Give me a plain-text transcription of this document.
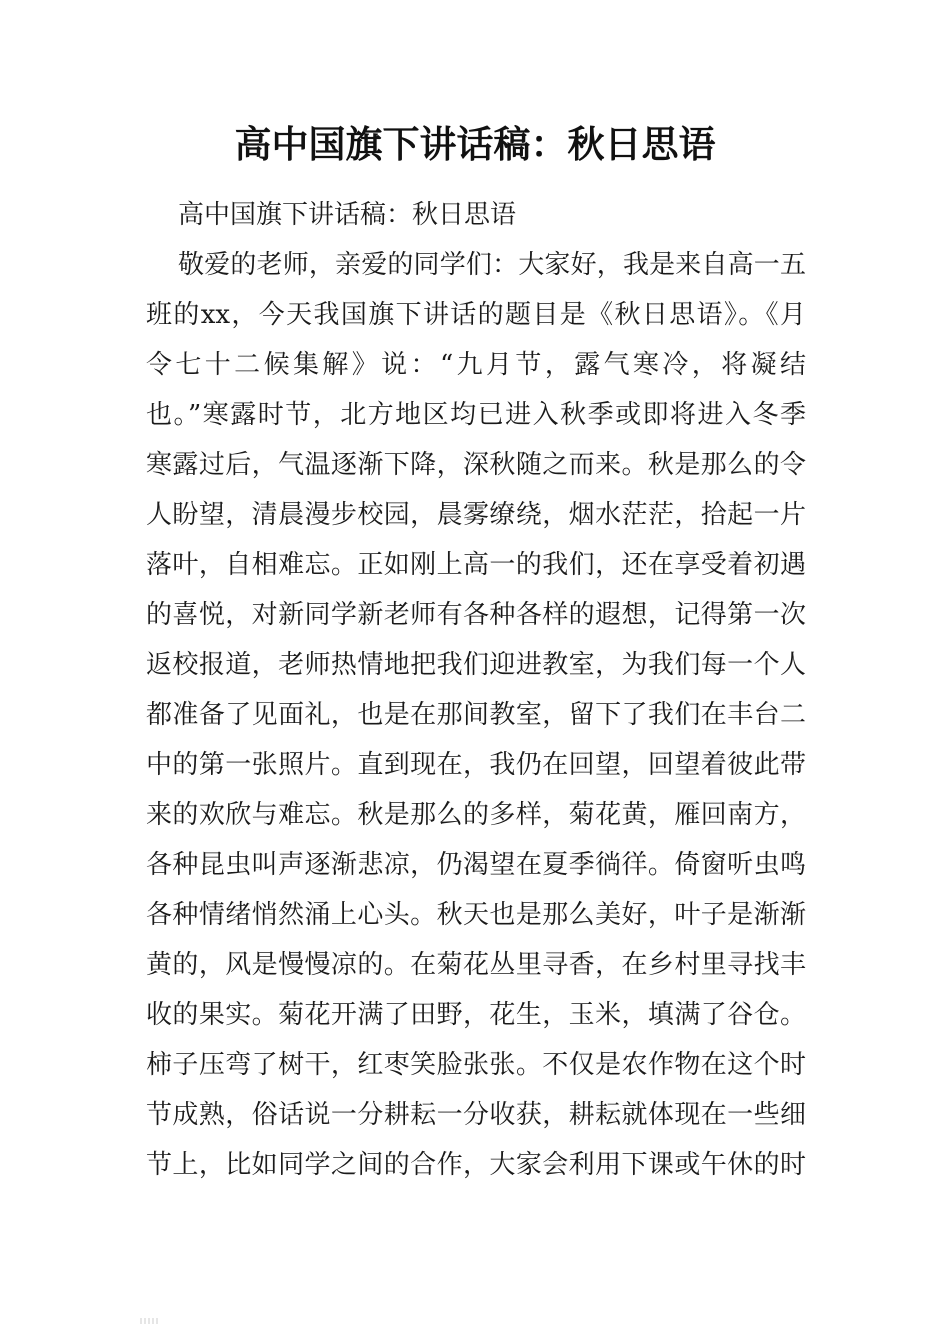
高中国旗下讲话稿：秋日思语
高中国旗下讲话稿：秋日思语
敬爱的老师，亲爱的同学们：大家好，我是来自高一五
班的xx，今天我国旗下讲话的题目是《秋日思语》。《月
令七十二候集解》说：“九月节，露气寒冷，将凝结
也。”寒露时节，北方地区均已进入秋季或即将进入冬季
寒露过后，气温逐渐下降，深秋随之而来。秋是那么的令
人盼望，清晨漫步校园，晨雾缭绕，烟水茫茫，拾起一片
落叶，自相难忘。正如刚上高一的我们，还在享受着初遇
的喜悦，对新同学新老师有各种各样的遐想，记得第一次
返校报道，老师热情地把我们迎进教室，为我们每一个人
都准备了见面礼，也是在那间教室，留下了我们在丰台二
中的第一张照片。直到现在，我仍在回望，回望着彼此带
来的欢欣与难忘。秋是那么的多样，菊花黄，雁回南方，
各种昆虫叫声逐渐悲凉，仍渴望在夏季徜徉。倚窗听虫鸣
各种情绪悄然涌上心头。秋天也是那么美好，叶子是渐渐
黄的，风是慢慢凉的。在菊花丛里寻香，在乡村里寻找丰
收的果实。菊花开满了田野，花生，玉米，填满了谷仓。
柿子压弯了树干，红枣笑脸张张。不仅是农作物在这个时
节成熟，俗话说一分耕耘一分收获，耕耘就体现在一些细
节上，比如同学之间的合作，大家会利用下课或午休的时
